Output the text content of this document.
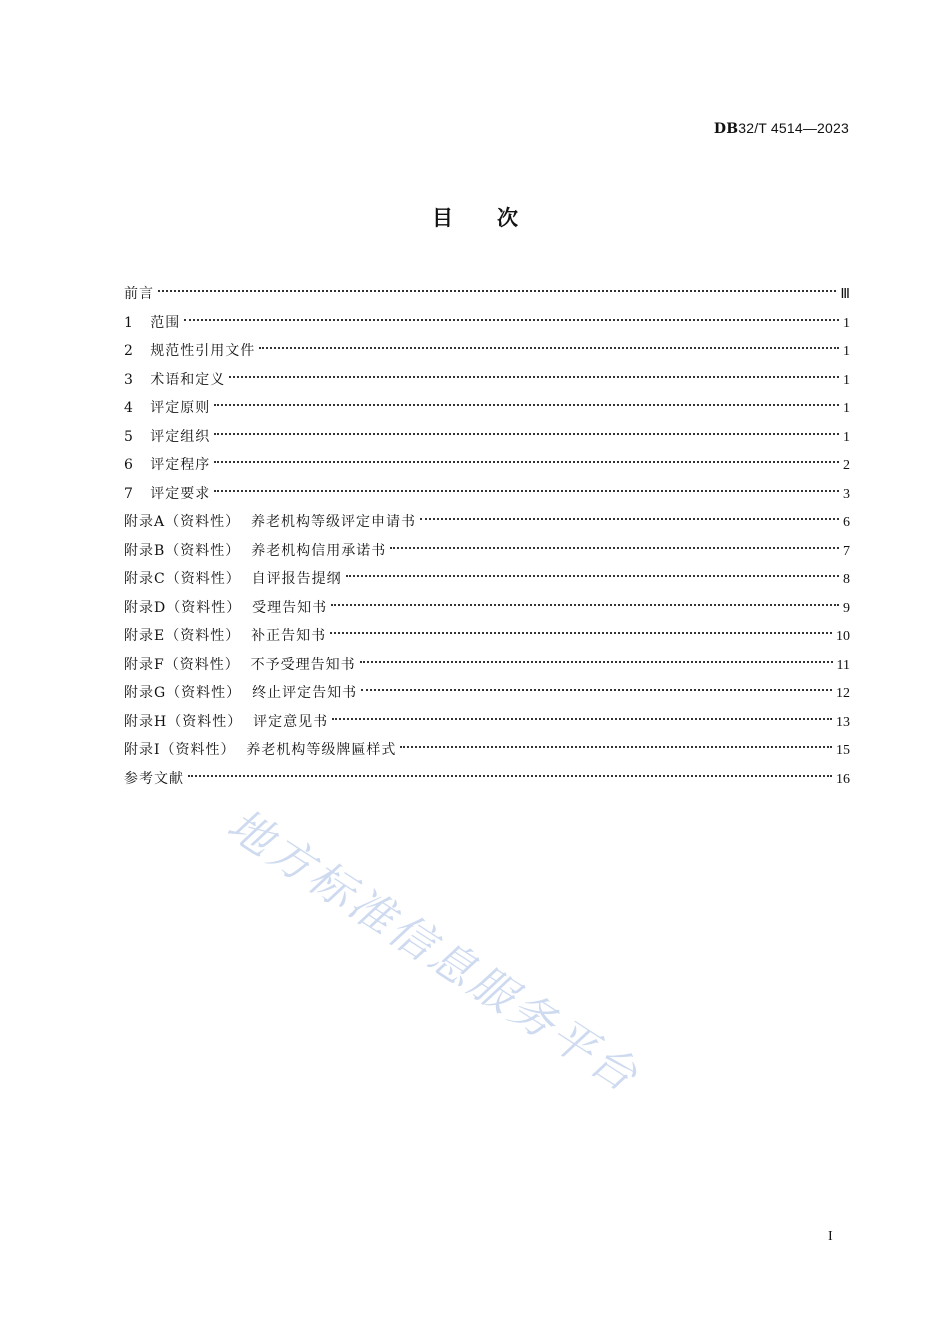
DB32/T 4514—2023
目次
前言	Ⅲ
1   范围	1
2   规范性引用文件	1
3   术语和定义	1
4   评定原则	1
5   评定组织	1
6   评定程序	2
7   评定要求	3
附录A（资料性）  养老机构等级评定申请书	6
附录B（资料性）  养老机构信用承诺书	7
附录C（资料性）  自评报告提纲	8
附录D（资料性）  受理告知书	9
附录E（资料性）  补正告知书	10
附录F（资料性）  不予受理告知书	11
附录G（资料性）  终止评定告知书	12
附录H（资料性）  评定意见书	13
附录I（资料性）  养老机构等级牌匾样式	15
参考文献	16
地方标准信息服务平台
I
